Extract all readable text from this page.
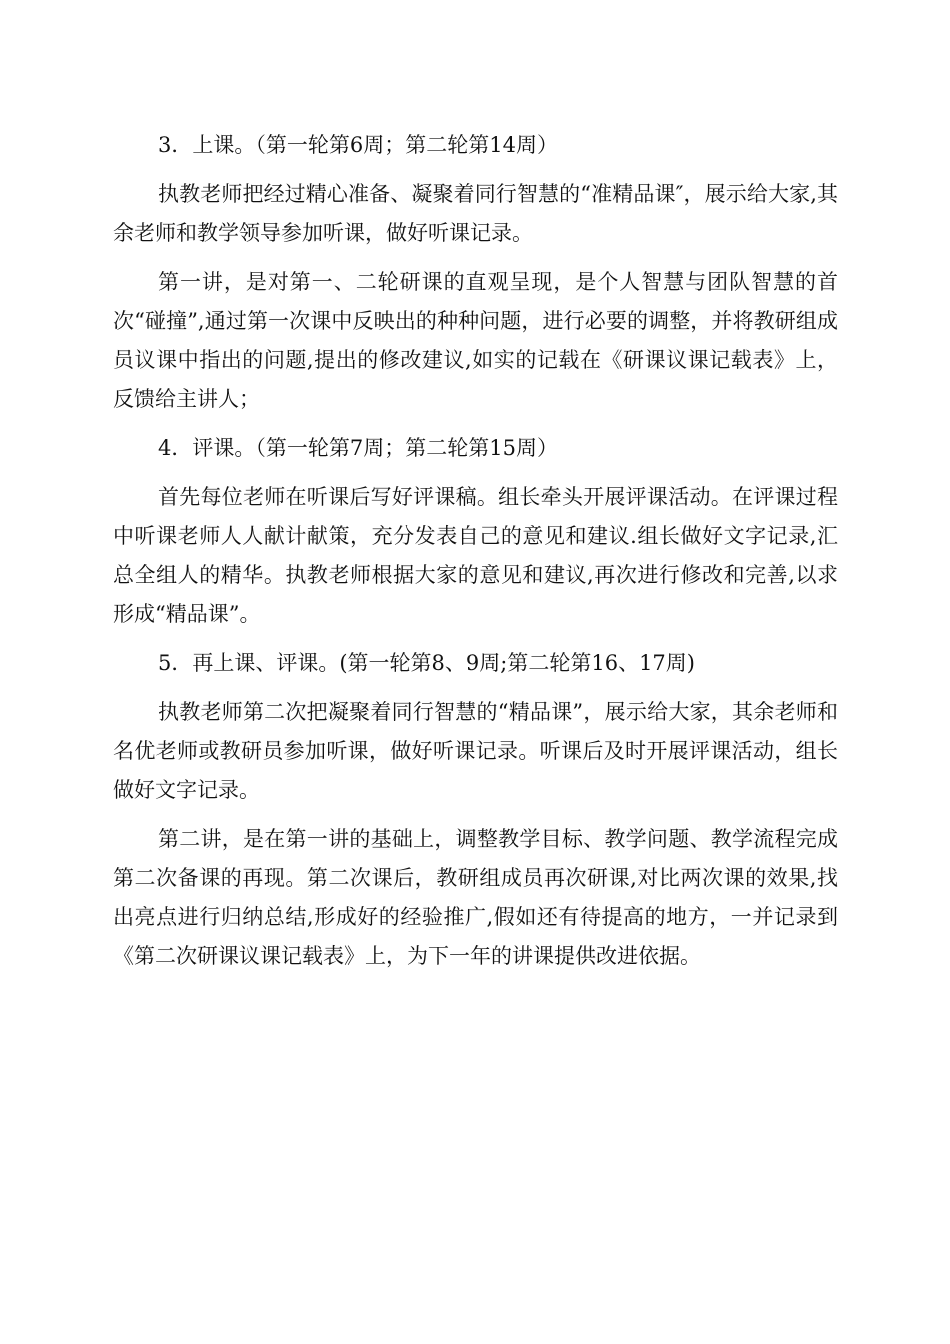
3．上课。（第一轮第6周；第二轮第14周）

执教老师把经过精心准备、凝聚着同行智慧的“准精品课″，展示给大家,其余老师和教学领导参加听课，做好听课记录。

第一讲，是对第一、二轮研课的直观呈现，是个人智慧与团队智慧的首次“碰撞”,通过第一次课中反映出的种种问题，进行必要的调整，并将教研组成员议课中指出的问题,提出的修改建议,如实的记载在《研课议课记载表》上，反馈给主讲人；

4．评课。（第一轮第7周；第二轮第15周）

首先每位老师在听课后写好评课稿。组长牵头开展评课活动。在评课过程中听课老师人人献计献策，充分发表自己的意见和建议.组长做好文字记录,汇总全组人的精华。执教老师根据大家的意见和建议,再次进行修改和完善,以求形成“精品课”。

5．再上课、评课。(第一轮第8、9周;第二轮第16、17周)

执教老师第二次把凝聚着同行智慧的“精品课”，展示给大家，其余老师和名优老师或教研员参加听课，做好听课记录。听课后及时开展评课活动，组长做好文字记录。

第二讲，是在第一讲的基础上，调整教学目标、教学问题、教学流程完成第二次备课的再现。第二次课后，教研组成员再次研课,对比两次课的效果,找出亮点进行归纳总结,形成好的经验推广,假如还有待提高的地方，一并记录到《第二次研课议课记载表》上，为下一年的讲课提供改进依据。
